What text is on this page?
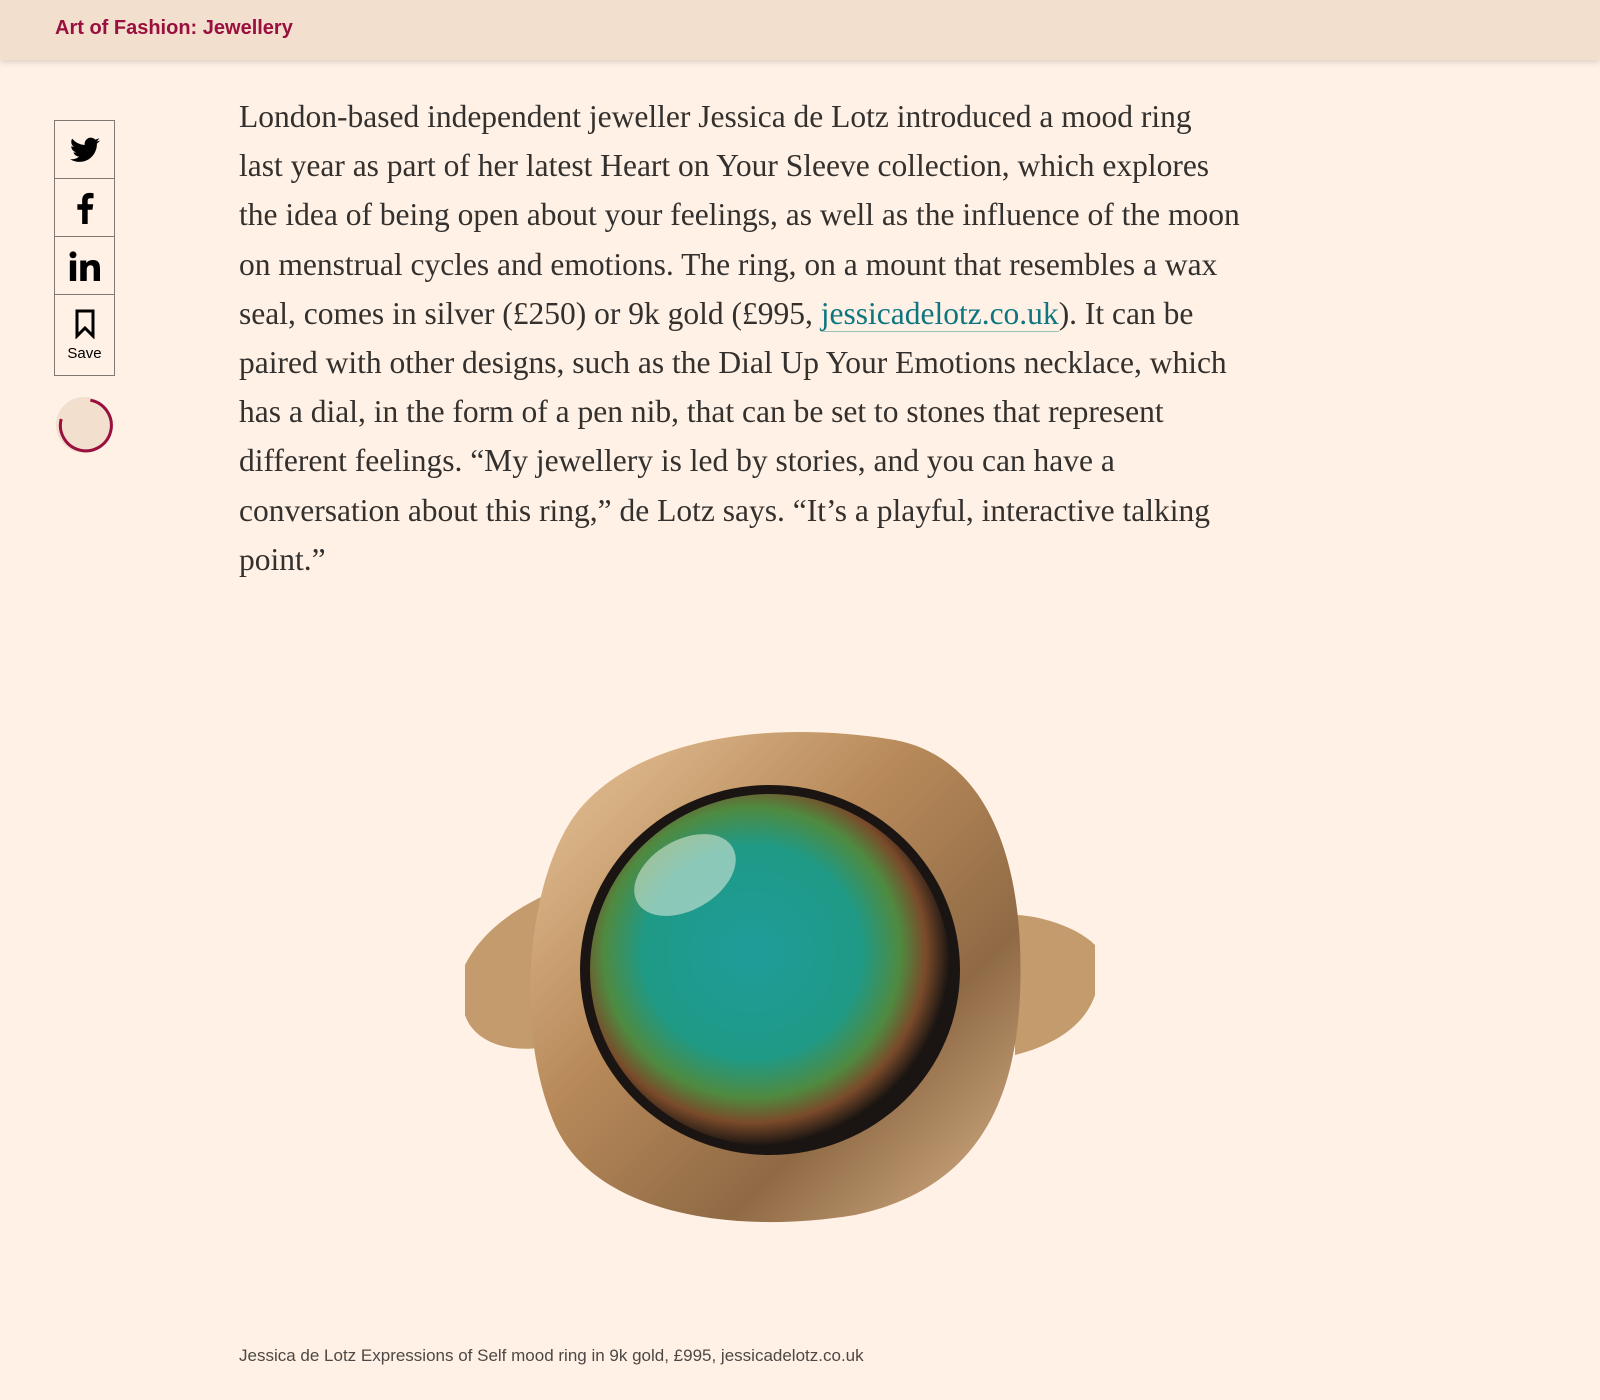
Art of Fashion: Jewellery
Save
London-based independent jeweller Jessica de Lotz introduced a mood ring
last year as part of her latest Heart on Your Sleeve collection, which explores
the idea of being open about your feelings, as well as the influence of the moon
on menstrual cycles and emotions. The ring, on a mount that resembles a wax
seal, comes in silver (£250) or 9k gold (£995, jessicadelotz.co.uk). It can be
paired with other designs, such as the Dial Up Your Emotions necklace, which
has a dial, in the form of a pen nib, that can be set to stones that represent
different feelings. “My jewellery is led by stories, and you can have a
conversation about this ring,” de Lotz says. “It’s a playful, interactive talking
point.”
Jessica de Lotz Expressions of Self mood ring in 9k gold, £995, jessicadelotz.co.uk
